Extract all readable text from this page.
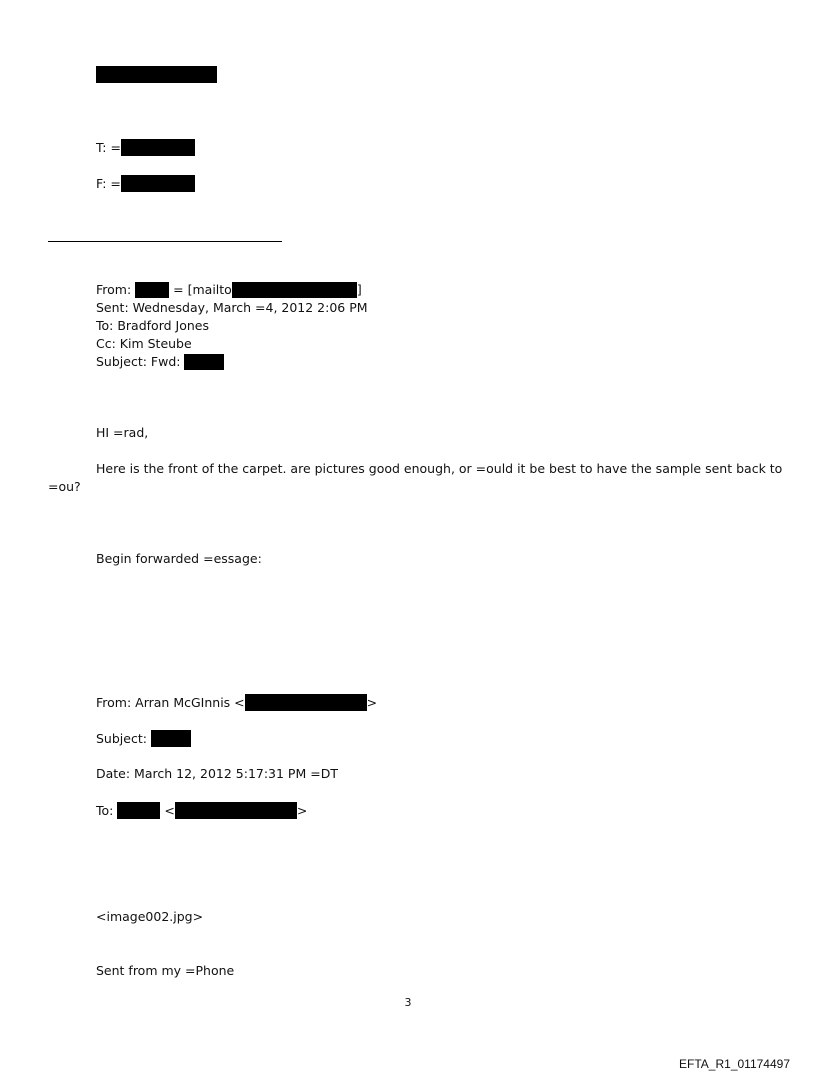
T: =
F: =
From:	= [mailto	]
Sent: Wednesday, March =4, 2012 2:06 PM
To: Bradford Jones
Cc: Kim Steube
Subject: Fwd:
HI =rad,
Here is the front of the carpet. are pictures good enough, or =ould it be best to have the sample sent back to
=ou?
Begin forwarded =essage:
From: Arran McGInnis <	>
Subject:
Date: March 12, 2012 5:17:31 PM =DT
To:	<	>
<image002.jpg>
Sent from my =Phone
3
EFTA_R1_01174497
